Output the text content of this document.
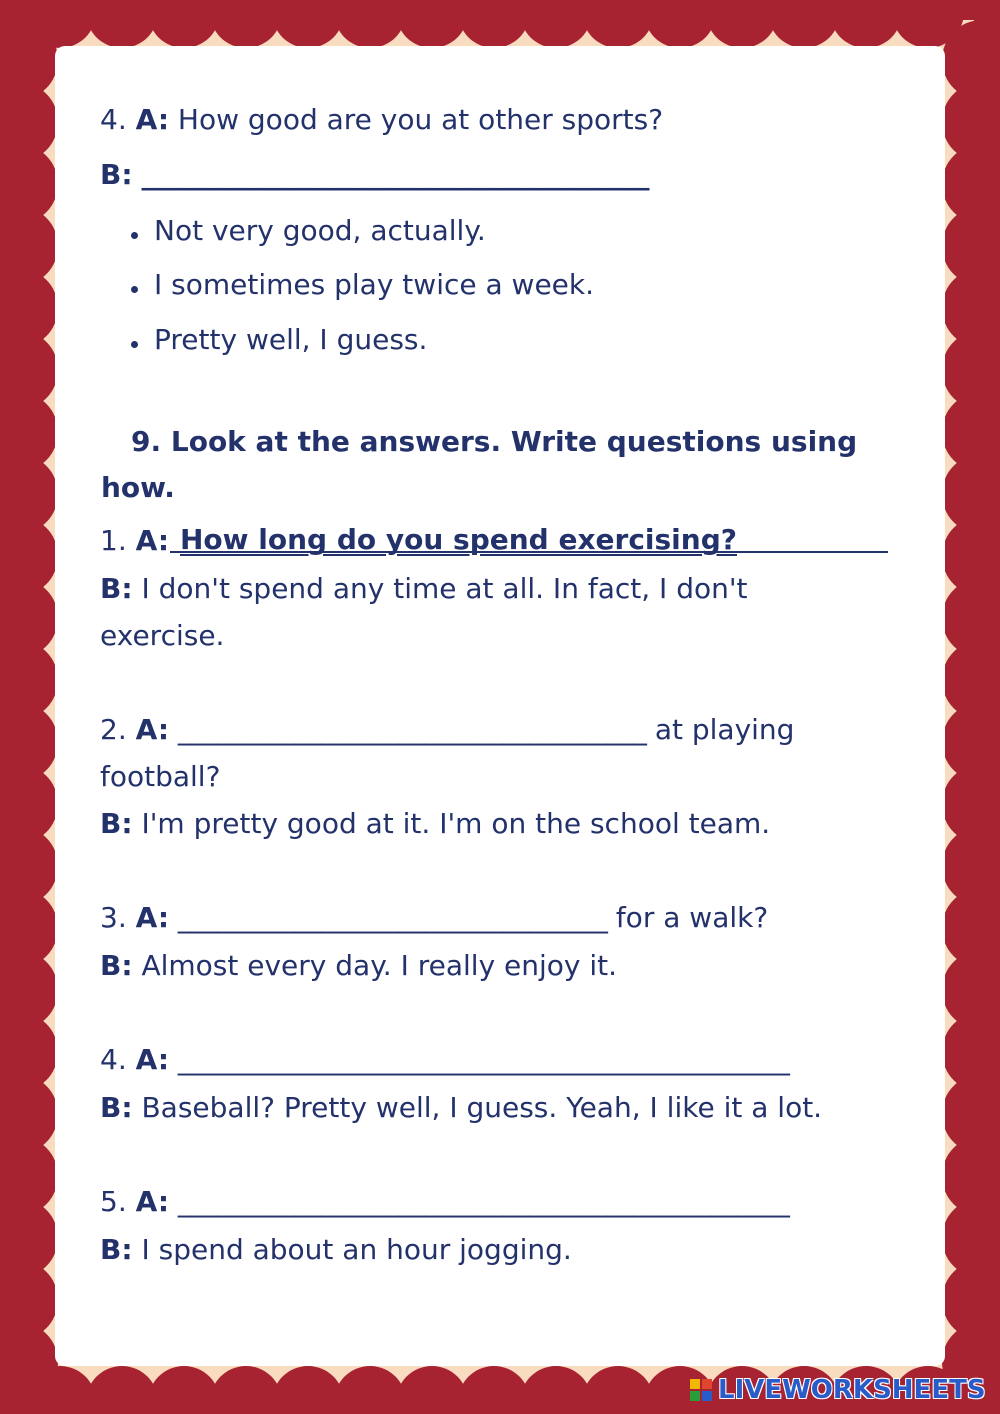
4. A: How good are you at other sports?
B: _______________________________________
Not very good, actually.
I sometimes play twice a week.
Pretty well, I guess.
9. Look at the answers. Write questions using
how.
1. A: How long do you spend exercising?
B: I don't spend any time at all. In fact, I don't
exercise.
2. A: ____________________________________ at playing
football?
B: I'm pretty good at it. I'm on the school team.
3. A: _________________________________ for a walk?
B: Almost every day. I really enjoy it.
4. A: _______________________________________________
B: Baseball? Pretty well, I guess. Yeah, I like it a lot.
5. A: _______________________________________________
B: I spend about an hour jogging.
LIVEWORKSHEETS
